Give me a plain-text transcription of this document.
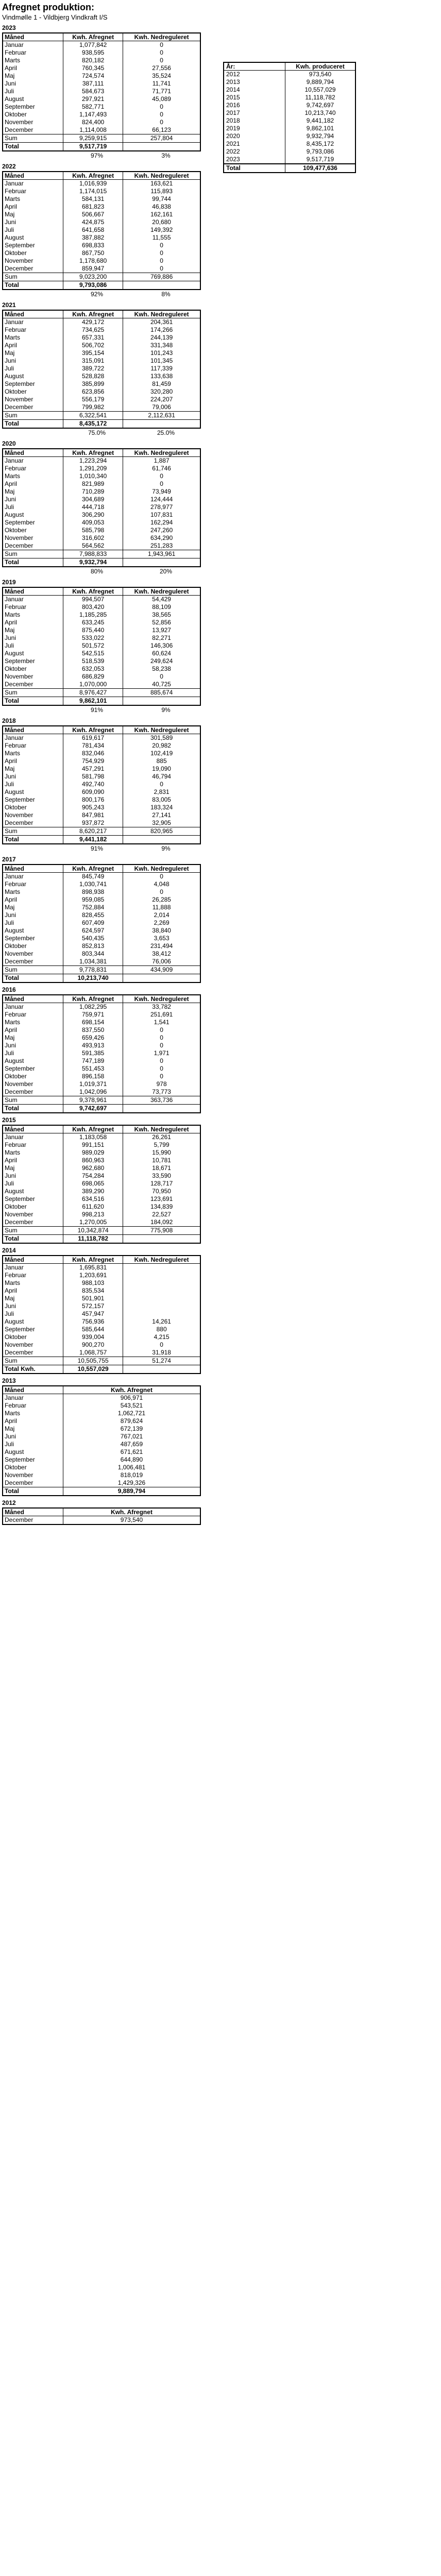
Afregnet produktion:
Vindmølle 1 - Vildbjerg Vindkraft I/S
2023
Måned	Kwh. Afregnet	Kwh. Nedreguleret
Januar	1,077,842	0
Februar	938,595	0
Marts	820,182	0
April	760,345	27,556
Maj	724,574	35,524
Juni	387,111	11,741
Juli	584,673	71,771
August	297,921	45,089
September	582,771	0
Oktober	1,147,493	0
November	824,400	0
December	1,114,008	66,123
Sum	9,259,915	257,804
Total	9,517,719	
97%	3%
2022
Måned	Kwh. Afregnet	Kwh. Nedreguleret
Januar	1,016,939	163,621
Februar	1,174,015	115,893
Marts	584,131	99,744
April	681,823	46,838
Maj	506,667	162,161
Juni	424,875	20,680
Juli	641,658	149,392
August	387,882	11,555
September	698,833	0
Oktober	867,750	0
November	1,178,680	0
December	859,947	0
Sum	9,023,200	769,886
Total	9,793,086	
92%	8%
2021
Måned	Kwh. Afregnet	Kwh. Nedreguleret
Januar	429,172	204,361
Februar	734,625	174,266
Marts	657,331	244,139
April	506,702	331,348
Maj	395,154	101,243
Juni	315,091	101,345
Juli	389,722	117,339
August	528,828	133,638
September	385,899	81,459
Oktober	623,856	320,280
November	556,179	224,207
December	799,982	79,006
Sum	6,322,541	2,112,631
Total	8,435,172	
75.0%	25.0%
2020
Måned	Kwh. Afregnet	Kwh. Nedreguleret
Januar	1,223,294	1,887
Februar	1,291,209	61,746
Marts	1,010,340	0
April	821,989	0
Maj	710,289	73,949
Juni	304,689	124,444
Juli	444,718	278,977
August	306,290	107,831
September	409,053	162,294
Oktober	585,798	247,260
November	316,602	634,290
December	564,562	251,283
Sum	7,988,833	1,943,961
Total	9,932,794	
80%	20%
2019
Måned	Kwh. Afregnet	Kwh. Nedreguleret
Januar	994,507	54,429
Februar	803,420	88,109
Marts	1,185,285	38,565
April	633,245	52,856
Maj	875,440	13,927
Juni	533,022	82,271
Juli	501,572	146,306
August	542,515	60,624
September	518,539	249,624
Oktober	632,053	58,238
November	686,829	0
December	1,070,000	40,725
Sum	8,976,427	885,674
Total	9,862,101	
91%	9%
2018
Måned	Kwh. Afregnet	Kwh. Nedreguleret
Januar	619,617	301,589
Februar	781,434	20,982
Marts	832,046	102,419
April	754,929	885
Maj	457,291	19,090
Juni	581,798	46,794
Juli	492,740	0
August	609,090	2,831
September	800,176	83,005
Oktober	905,243	183,324
November	847,981	27,141
December	937,872	32,905
Sum	8,620,217	820,965
Total	9,441,182	
91%	9%
2017
Måned	Kwh. Afregnet	Kwh. Nedreguleret
Januar	845,749	0
Februar	1,030,741	4,048
Marts	898,938	0
April	959,085	26,285
Maj	752,884	11,888
Juni	828,455	2,014
Juli	607,409	2,269
August	624,597	38,840
September	540,435	3,653
Oktober	852,813	231,494
November	803,344	38,412
December	1,034,381	76,006
Sum	9,778,831	434,909
Total	10,213,740	
2016
Måned	Kwh. Afregnet	Kwh. Nedreguleret
Januar	1,082,295	33,782
Februar	759,971	251,691
Marts	698,154	1,541
April	837,550	0
Maj	659,426	0
Juni	493,913	0
Juli	591,385	1,971
August	747,189	0
September	551,453	0
Oktober	896,158	0
November	1,019,371	978
December	1,042,096	73,773
Sum	9,378,961	363,736
Total	9,742,697	
2015
Måned	Kwh. Afregnet	Kwh. Nedreguleret
Januar	1,183,058	26,261
Februar	991,151	5,799
Marts	989,029	15,990
April	860,963	10,781
Maj	962,680	18,671
Juni	754,284	33,590
Juli	698,065	128,717
August	389,290	70,950
September	634,516	123,691
Oktober	611,620	134,839
November	998,213	22,527
December	1,270,005	184,092
Sum	10,342,874	775,908
Total	11,118,782	
2014
Måned	Kwh. Afregnet	Kwh. Nedreguleret
Januar	1,695,831	
Februar	1,203,691	
Marts	988,103	
April	835,534	
Maj	501,901	
Juni	572,157	
Juli	457,947	
August	756,936	14,261
September	585,644	880
Oktober	939,004	4,215
November	900,270	0
December	1,068,757	31,918
Sum	10,505,755	51,274
Total Kwh.	10,557,029	
2013
Måned	Kwh. Afregnet
Januar	906,971
Februar	543,521
Marts	1,062,721
April	879,624
Maj	672,139
Juni	767,021
Juli	487,659
August	671,621
September	644,890
Oktober	1,006,481
November	818,019
December	1,429,326
Total	9,889,794
2012
Måned	Kwh. Afregnet
December	973,540
År:	Kwh. produceret
2012	973,540
2013	9,889,794
2014	10,557,029
2015	11,118,782
2016	9,742,697
2017	10,213,740
2018	9,441,182
2019	9,862,101
2020	9,932,794
2021	8,435,172
2022	9,793,086
2023	9,517,719
Total	109,477,636
